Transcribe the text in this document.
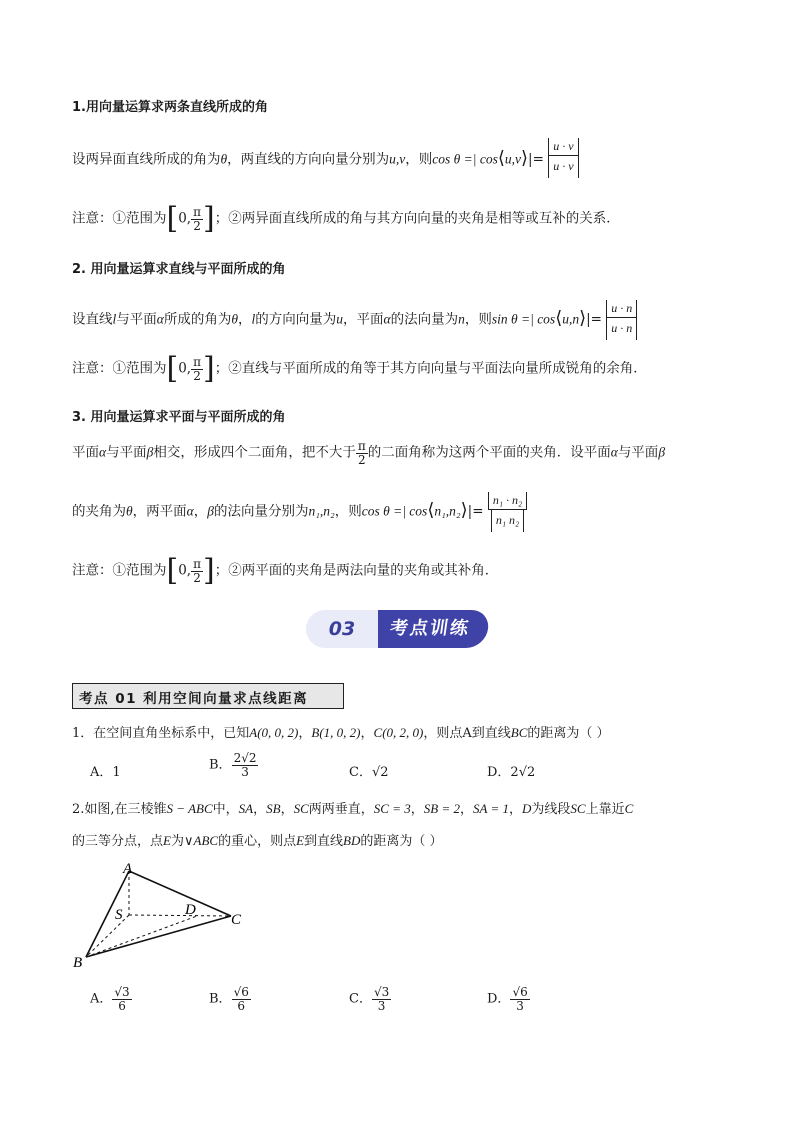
1.用向量运算求两条直线所成的角
设两异面直线所成的角为θ，两直线的方向向量分别为u,v，则cos θ =| cos⟨u,v⟩|= $\frac{u \cdot v}{u \cdot v}$
注意：①范围为[0, $\frac{\pi}{2}$ ]；②两异面直线所成的角与其方向向量的夹角是相等或互补的关系．
2. 用向量运算求直线与平面所成的角
设直线l与平面α所成的角为θ，l的方向向量为u，平面α的法向量为n，则sin θ =| cos⟨u,n⟩|= $\frac{u \cdot n}{u \cdot n}$
注意：①范围为[0, $\frac{\pi}{2}$ ]；②直线与平面所成的角等于其方向向量与平面法向量所成锐角的余角．
3. 用向量运算求平面与平面所成的角
平面α与平面β相交，形成四个二面角，把不大于 $\frac{\pi}{2}$ 的二面角称为这两个平面的夹角．设平面α与平面β
的夹角为θ，两平面α，β的法向量分别为n₁,n₂，则cos θ =| cos⟨n₁,n₂⟩|= $\frac{\text{n₁ · n₂}}{\text{n₁ n₂}}$
注意：①范围为[0, $\frac{\pi}{2}$ ]；②两平面的夹角是两法向量的夹角或其补角．
考点训练
03
考点 01 利用空间向量求点线距离
1．在空间直角坐标系中，已知A(0, 0, 2)，B(1, 0, 2)，C(0, 2, 0)，则点A到直线BC的距离为（ ）
A．1	B． $\frac{2√2}{3}$	C．√2	D．2√2
2.如图,在三棱锥S − ABC中，SA，SB，SC两两垂直，SC = 3，SB = 2，SA = 1，D为线段SC上靠近C
的三等分点，点E为∨ABC的重心，则点E到直线BD的距离为（ ）
A
S	D
C
B
A． $\frac{√3}{6}$	B． $\frac{√6}{6}$	C． $\frac{√3}{3}$	D． $\frac{√6}{3}$
